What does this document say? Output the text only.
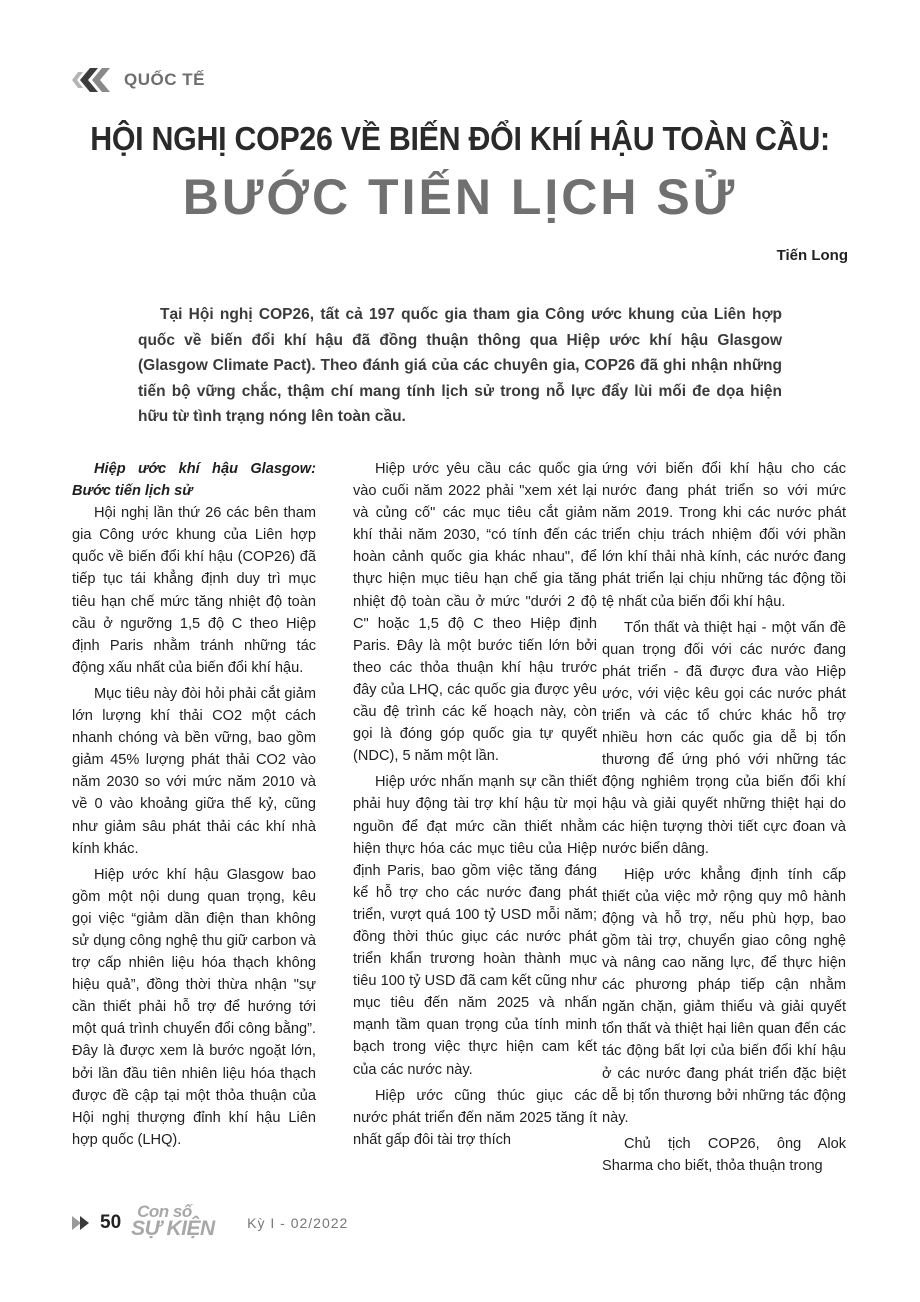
QUỐC TẾ
HỘI NGHỊ COP26 VỀ BIẾN ĐỔI KHÍ HẬU TOÀN CẦU:
BƯỚC TIẾN LỊCH SỬ
Tiến Long
Tại Hội nghị COP26, tất cả 197 quốc gia tham gia Công ước khung của Liên hợp quốc về biến đổi khí hậu đã đồng thuận thông qua Hiệp ước khí hậu Glasgow (Glasgow Climate Pact). Theo đánh giá của các chuyên gia, COP26 đã ghi nhận những tiến bộ vững chắc, thậm chí mang tính lịch sử trong nỗ lực đẩy lùi mối đe dọa hiện hữu từ tình trạng nóng lên toàn cầu.

Hiệp ước khí hậu Glasgow: Bước tiến lịch sử

Hội nghị lần thứ 26 các bên tham gia Công ước khung của Liên hợp quốc về biến đổi khí hậu (COP26) đã tiếp tục tái khẳng định duy trì mục tiêu hạn chế mức tăng nhiệt độ toàn cầu ở ngưỡng 1,5 độ C theo Hiệp định Paris nhằm tránh những tác động xấu nhất của biến đổi khí hậu.

Mục tiêu này đòi hỏi phải cắt giảm lớn lượng khí thải CO2 một cách nhanh chóng và bền vững, bao gồm giảm 45% lượng phát thải CO2 vào năm 2030 so với mức năm 2010 và về 0 vào khoảng giữa thế kỷ, cũng như giảm sâu phát thải các khí nhà kính khác.

Hiệp ước khí hậu Glasgow bao gồm một nội dung quan trọng, kêu gọi việc “giảm dần điện than không sử dụng công nghệ thu giữ carbon và trợ cấp nhiên liệu hóa thạch không hiệu quả”, đồng thời thừa nhận "sự cần thiết phải hỗ trợ để hướng tới một quá trình chuyển đổi công bằng”. Đây là được xem là bước ngoặt lớn, bởi lần đầu tiên nhiên liệu hóa thạch được đề cập tại một thỏa thuận của Hội nghị thượng đỉnh khí hậu Liên hợp quốc (LHQ).

Hiệp ước yêu cầu các quốc gia vào cuối năm 2022 phải "xem xét lại và củng cố" các mục tiêu cắt giảm khí thải năm 2030, “có tính đến các hoàn cảnh quốc gia khác nhau", để thực hiện mục tiêu hạn chế gia tăng nhiệt độ toàn cầu ở mức "dưới 2 độ C" hoặc 1,5 độ C theo Hiệp định Paris. Đây là một bước tiến lớn bởi theo các thỏa thuận khí hậu trước đây của LHQ, các quốc gia được yêu cầu đệ trình các kế hoạch này, còn gọi là đóng góp quốc gia tự quyết (NDC), 5 năm một lần.

Hiệp ước nhấn mạnh sự cần thiết phải huy động tài trợ khí hậu từ mọi nguồn để đạt mức cần thiết nhằm hiện thực hóa các mục tiêu của Hiệp định Paris, bao gồm việc tăng đáng kể hỗ trợ cho các nước đang phát triển, vượt quá 100 tỷ USD mỗi năm; đồng thời thúc giục các nước phát triển khẩn trương hoàn thành mục tiêu 100 tỷ USD đã cam kết cũng như mục tiêu đến năm 2025 và nhấn mạnh tầm quan trọng của tính minh bạch trong việc thực hiện cam kết của các nước này.

Hiệp ước cũng thúc giục các nước phát triển đến năm 2025 tăng ít nhất gấp đôi tài trợ thích

ứng với biến đổi khí hậu cho các nước đang phát triển so với mức năm 2019. Trong khi các nước phát triển chịu trách nhiệm đối với phần lớn khí thải nhà kính, các nước đang phát triển lại chịu những tác động tồi tệ nhất của biến đổi khí hậu.

Tổn thất và thiệt hại - một vấn đề quan trọng đối với các nước đang phát triển - đã được đưa vào Hiệp ước, với việc kêu gọi các nước phát triển và các tổ chức khác hỗ trợ nhiều hơn các quốc gia dễ bị tổn thương để ứng phó với những tác động nghiêm trọng của biến đổi khí hậu và giải quyết những thiệt hại do các hiện tượng thời tiết cực đoan và nước biển dâng.

Hiệp ước khẳng định tính cấp thiết của việc mở rộng quy mô hành động và hỗ trợ, nếu phù hợp, bao gồm tài trợ, chuyển giao công nghệ và nâng cao năng lực, để thực hiện các phương pháp tiếp cận nhằm ngăn chặn, giảm thiểu và giải quyết tổn thất và thiệt hại liên quan đến các tác động bất lợi của biến đổi khí hậu ở các nước đang phát triển đặc biệt dễ bị tổn thương bởi những tác động này.

Chủ tịch COP26, ông Alok Sharma cho biết, thỏa thuận trong

50
Con số
SỰ KIỆN Kỳ I - 02/2022
